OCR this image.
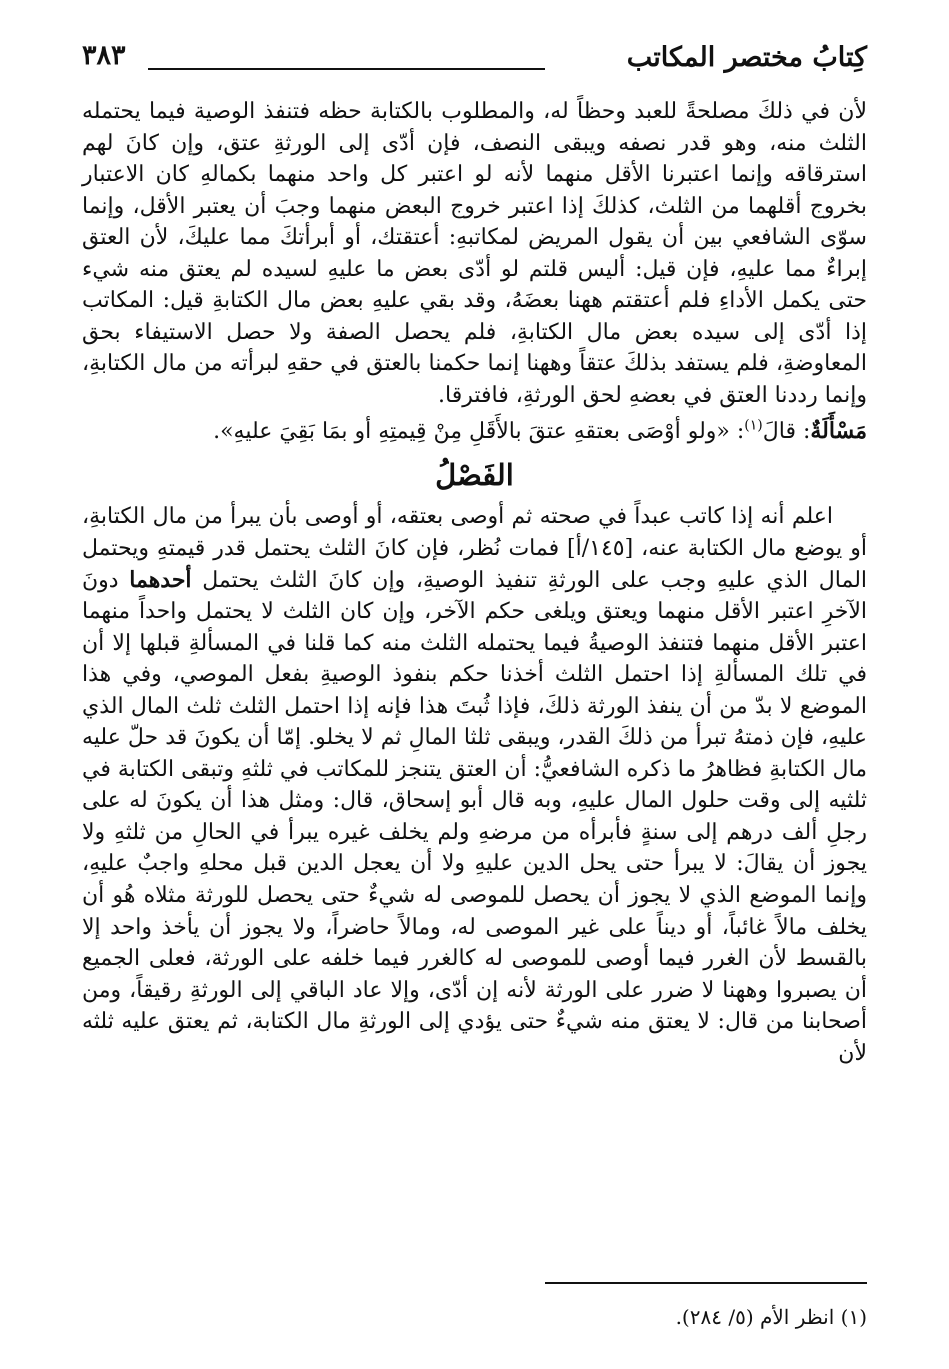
كِتابُ مختصر المكاتب
٣٨٣

لأن في ذلكَ مصلحةً للعبد وحظاً له، والمطلوب بالكتابة حظه فتنفذ الوصية فيما يحتمله الثلث منه، وهو قدر نصفه ويبقى النصف، فإن أدّى إلى الورثةِ عتق، وإن كانَ لهم استرقاقه وإنما اعتبرنا الأقل منهما لأنه لو اعتبر كل واحد منهما بكمالهِ كان الاعتبار بخروج أقلهما من الثلث، كذلكَ إذا اعتبر خروج البعض منهما وجبَ أن يعتبر الأقل، وإنما سوّى الشافعي بين أن يقول المريض لمكاتبهِ: أعتقتك، أو أبرأتكَ مما عليكَ، لأن العتق إبراءٌ مما عليهِ، فإن قيل: أليس قلتم لو أدّى بعض ما عليهِ لسيده لم يعتق منه شيء حتى يكمل الأداءِ فلم أعتقتم ههنا بعضَهُ، وقد بقي عليهِ بعض مال الكتابةِ قيل: المكاتب إذا أدّى إلى سيده بعض مال الكتابةِ، فلم يحصل الصفة ولا حصل الاستيفاء بحق المعاوضةِ، فلم يستفد بذلكَ عتقاً وههنا إنما حكمنا بالعتق في حقهِ لبرأته من مال الكتابةِ، وإنما رددنا العتق في بعضهِ لحق الورثةِ، فافترقا.

مَسْأَلَةٌ: قالَ$^{(١)}$: «ولو أوْصَى بعتقهِ عتقَ بالأَقَلِ مِنْ قِيمتِهِ أو بمَا بَقِيَ عليهِ».

الفَصْلُ

اعلم أنه إذا كاتب عبداً في صحته ثم أوصى بعتقه، أو أوصى بأن يبرأ من مال الكتابةِ، أو يوضع مال الكتابة عنه، [١٤٥/أ] فمات نُظر، فإن كانَ الثلث يحتمل قدر قيمتهِ ويحتمل المال الذي عليهِ وجب على الورثةِ تنفيذ الوصيةِ، وإن كانَ الثلث يحتمل أحدهما دونَ الآخرِ اعتبر الأقل منهما ويعتق ويلغى حكم الآخر، وإن كان الثلث لا يحتمل واحداً منهما اعتبر الأقل منهما فتنفذ الوصيةُ فيما يحتمله الثلث منه كما قلنا في المسألةِ قبلها إلا أن في تلك المسألةِ إذا احتمل الثلث أخذنا حكم بنفوذ الوصيةِ بفعل الموصي، وفي هذا الموضع لا بدّ من أن ينفذ الورثة ذلكَ، فإذا ثُبتَ هذا فإنه إذا احتمل الثلث ثلث المال الذي عليهِ، فإن ذمتهُ تبرأ من ذلكَ القدر، ويبقى ثلثا المالِ ثم لا يخلو. إمّا أن يكونَ قد حلّ عليه مال الكتابةِ فظاهرُ ما ذكره الشافعيُّ: أن العتق يتنجز للمكاتب في ثلثهِ وتبقى الكتابة في ثلثيه إلى وقت حلول المال عليهِ، وبه قال أبو إسحاق، قال: ومثل هذا أن يكونَ له على رجلِ ألف درهم إلى سنةٍ فأبرأه من مرضهِ ولم يخلف غيره يبرأ في الحالِ من ثلثهِ ولا يجوز أن يقالَ: لا يبرأ حتى يحل الدين عليهِ ولا أن يعجل الدين قبل محلهِ واجبٌ عليهِ، وإنما الموضع الذي لا يجوز أن يحصل للموصى له شيءٌ حتى يحصل للورثة مثلاه هُو أن يخلف مالاً غائباً، أو ديناً على غير الموصى له، ومالاً حاضراً، ولا يجوز أن يأخذ واحد إلا بالقسط لأن الغرر فيما أوصى للموصى له كالغرر فيما خلفه على الورثة، فعلى الجميع أن يصبروا وههنا لا ضرر على الورثة لأنه إن أدّى، وإلا عاد الباقي إلى الورثةِ رقيقاً، ومن أصحابنا من قال: لا يعتق منه شيءٌ حتى يؤدي إلى الورثةِ مال الكتابة، ثم يعتق عليه ثلثه لأن

(١) انظر الأم (٥/ ٢٨٤).
